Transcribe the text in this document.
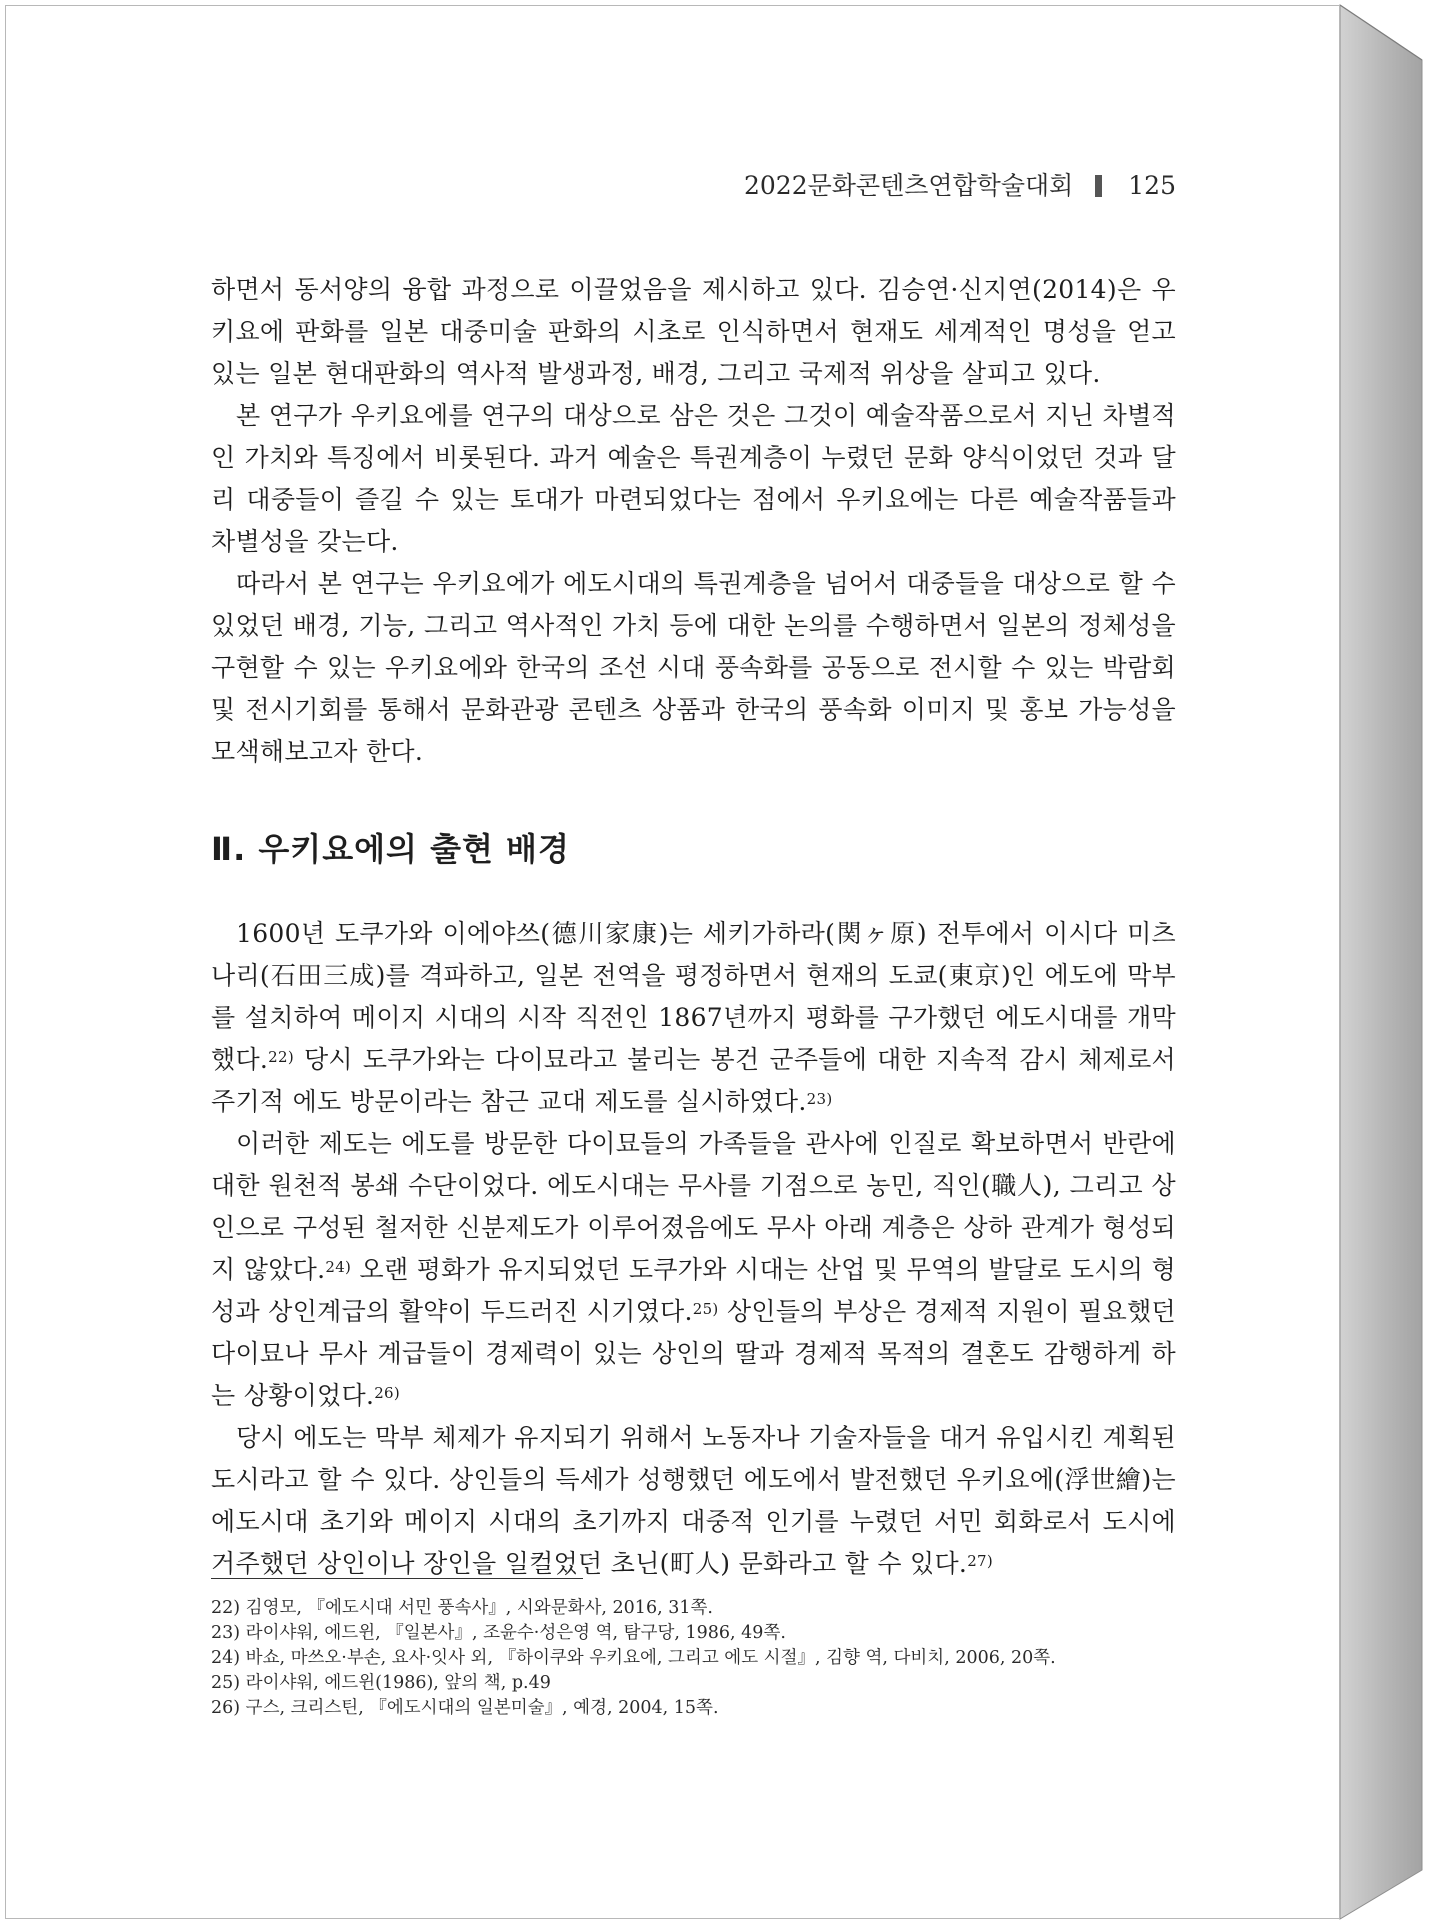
2022문화콘텐츠연합학술대회 125

하면서 동서양의 융합 과정으로 이끌었음을 제시하고 있다. 김승연·신지연(2014)은 우키요에 판화를 일본 대중미술 판화의 시초로 인식하면서 현재도 세계적인 명성을 얻고 있는 일본 현대판화의 역사적 발생과정, 배경, 그리고 국제적 위상을 살피고 있다.

본 연구가 우키요에를 연구의 대상으로 삼은 것은 그것이 예술작품으로서 지닌 차별적인 가치와 특징에서 비롯된다. 과거 예술은 특권계층이 누렸던 문화 양식이었던 것과 달리 대중들이 즐길 수 있는 토대가 마련되었다는 점에서 우키요에는 다른 예술작품들과 차별성을 갖는다.

따라서 본 연구는 우키요에가 에도시대의 특권계층을 넘어서 대중들을 대상으로 할 수 있었던 배경, 기능, 그리고 역사적인 가치 등에 대한 논의를 수행하면서 일본의 정체성을 구현할 수 있는 우키요에와 한국의 조선 시대 풍속화를 공동으로 전시할 수 있는 박람회 및 전시기회를 통해서 문화관광 콘텐츠 상품과 한국의 풍속화 이미지 및 홍보 가능성을 모색해보고자 한다.

Ⅱ. 우키요에의 출현 배경

1600년 도쿠가와 이에야쓰(德川家康)는 세키가하라(関ヶ原) 전투에서 이시다 미츠나리(石田三成)를 격파하고, 일본 전역을 평정하면서 현재의 도쿄(東京)인 에도에 막부를 설치하여 메이지 시대의 시작 직전인 1867년까지 평화를 구가했던 에도시대를 개막했다.$^{22)}$ 당시 도쿠가와는 다이묘라고 불리는 봉건 군주들에 대한 지속적 감시 체제로서 주기적 에도 방문이라는 참근 교대 제도를 실시하였다.$^{23)}$

이러한 제도는 에도를 방문한 다이묘들의 가족들을 관사에 인질로 확보하면서 반란에 대한 원천적 봉쇄 수단이었다. 에도시대는 무사를 기점으로 농민, 직인(職人), 그리고 상인으로 구성된 철저한 신분제도가 이루어졌음에도 무사 아래 계층은 상하 관계가 형성되지 않았다.$^{24)}$ 오랜 평화가 유지되었던 도쿠가와 시대는 산업 및 무역의 발달로 도시의 형성과 상인계급의 활약이 두드러진 시기였다.$^{25)}$ 상인들의 부상은 경제적 지원이 필요했던 다이묘나 무사 계급들이 경제력이 있는 상인의 딸과 경제적 목적의 결혼도 감행하게 하는 상황이었다.$^{26)}$

당시 에도는 막부 체제가 유지되기 위해서 노동자나 기술자들을 대거 유입시킨 계획된 도시라고 할 수 있다. 상인들의 득세가 성행했던 에도에서 발전했던 우키요에(浮世繪)는 에도시대 초기와 메이지 시대의 초기까지 대중적 인기를 누렸던 서민 회화로서 도시에 거주했던 상인이나 장인을 일컬었던 초닌(町人) 문화라고 할 수 있다.$^{27)}$

22) 김영모, 『에도시대 서민 풍속사』, 시와문화사, 2016, 31쪽.

23) 라이샤워, 에드윈, 『일본사』, 조윤수·성은영 역, 탐구당, 1986, 49쪽.

24) 바쇼, 마쓰오·부손, 요사·잇사 외, 『하이쿠와 우키요에, 그리고 에도 시절』, 김향 역, 다비치, 2006, 20쪽.

25) 라이샤워, 에드윈(1986), 앞의 책, p.49

26) 구스, 크리스틴, 『에도시대의 일본미술』, 예경, 2004, 15쪽.
